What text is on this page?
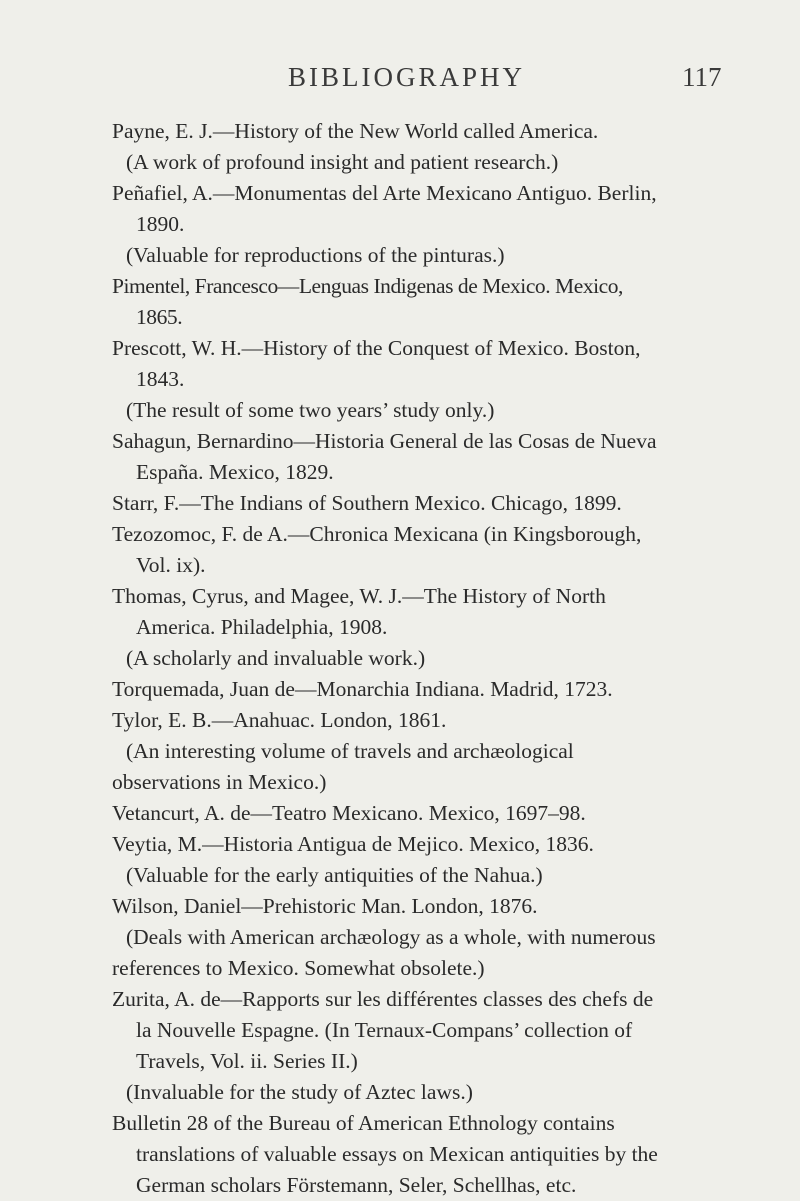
BIBLIOGRAPHY	117

Payne, E. J.—History of the New World called America.

(A work of profound insight and patient research.)

Peñafiel, A.—Monumentas del Arte Mexicano Antiguo. Berlin, 1890.

(Valuable for reproductions of the pinturas.)

Pimentel, Francesco—Lenguas Indigenas de Mexico. Mexico, 1865.

Prescott, W. H.—History of the Conquest of Mexico. Boston, 1843.

(The result of some two years’ study only.)

Sahagun, Bernardino—Historia General de las Cosas de Nueva España. Mexico, 1829.

Starr, F.—The Indians of Southern Mexico. Chicago, 1899.

Tezozomoc, F. de A.—Chronica Mexicana (in Kingsborough, Vol. ix).

Thomas, Cyrus, and Magee, W. J.—The History of North America. Philadelphia, 1908.

(A scholarly and invaluable work.)

Torquemada, Juan de—Monarchia Indiana. Madrid, 1723.

Tylor, E. B.—Anahuac. London, 1861.

(An interesting volume of travels and archæological observations in Mexico.)

Vetancurt, A. de—Teatro Mexicano. Mexico, 1697–98.

Veytia, M.—Historia Antigua de Mejico. Mexico, 1836.

(Valuable for the early antiquities of the Nahua.)

Wilson, Daniel—Prehistoric Man. London, 1876.

(Deals with American archæology as a whole, with numerous references to Mexico. Somewhat obsolete.)

Zurita, A. de—Rapports sur les différentes classes des chefs de la Nouvelle Espagne. (In Ternaux-Compans’ collection of Travels, Vol. ii. Series II.)

(Invaluable for the study of Aztec laws.)

Bulletin 28 of the Bureau of American Ethnology contains translations of valuable essays on Mexican antiquities by the German scholars Förstemann, Seler, Schellhas, etc.
